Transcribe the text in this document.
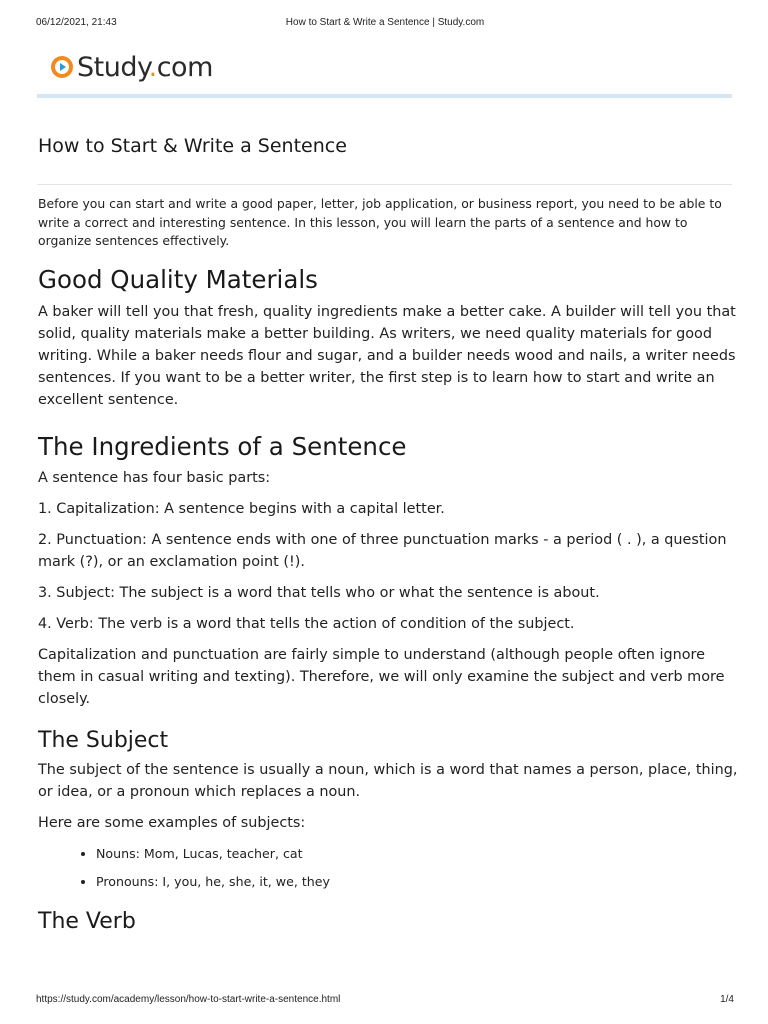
06/12/2021, 21:43	How to Start & Write a Sentence | Study.com
Study.com
How to Start & Write a Sentence

Before you can start and write a good paper, letter, job application, or business report, you need to be able to write a correct and interesting sentence. In this lesson, you will learn the parts of a sentence and how to organize sentences effectively.

Good Quality Materials

A baker will tell you that fresh, quality ingredients make a better cake. A builder will tell you that solid, quality materials make a better building. As writers, we need quality materials for good writing. While a baker needs flour and sugar, and a builder needs wood and nails, a writer needs sentences. If you want to be a better writer, the first step is to learn how to start and write an excellent sentence.

The Ingredients of a Sentence

A sentence has four basic parts:

1. Capitalization: A sentence begins with a capital letter.

2. Punctuation: A sentence ends with one of three punctuation marks - a period ( . ), a question mark (?), or an exclamation point (!).

3. Subject: The subject is a word that tells who or what the sentence is about.

4. Verb: The verb is a word that tells the action of condition of the subject.

Capitalization and punctuation are fairly simple to understand (although people often ignore them in casual writing and texting). Therefore, we will only examine the subject and verb more closely.

The Subject

The subject of the sentence is usually a noun, which is a word that names a person, place, thing, or idea, or a pronoun which replaces a noun.

Here are some examples of subjects:

• Nouns: Mom, Lucas, teacher, cat
• Pronouns: I, you, he, she, it, we, they
The Verb
https://study.com/academy/lesson/how-to-start-write-a-sentence.html	1/4
